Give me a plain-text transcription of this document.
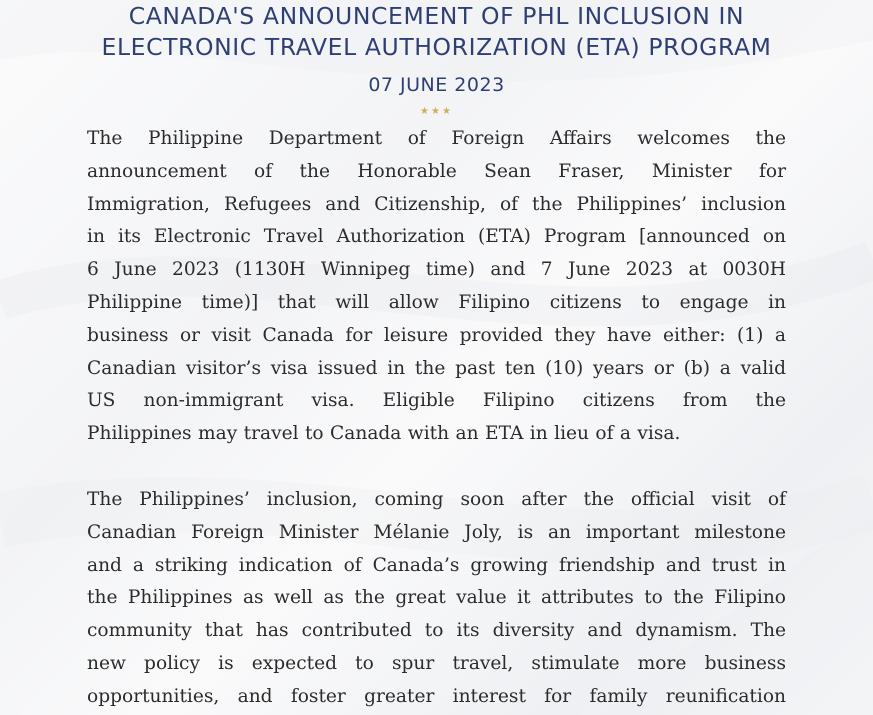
CANADA'S ANNOUNCEMENT OF PHL INCLUSION IN
ELECTRONIC TRAVEL AUTHORIZATION (ETA) PROGRAM
07 JUNE 2023
★★★

The Philippine Department of Foreign Affairs welcomes the
announcement of the Honorable Sean Fraser, Minister for
Immigration, Refugees and Citizenship, of the Philippines’ inclusion
in its Electronic Travel Authorization (ETA) Program [announced on
6 June 2023 (1130H Winnipeg time) and 7 June 2023 at 0030H
Philippine time)] that will allow Filipino citizens to engage in
business or visit Canada for leisure provided they have either: (1) a
Canadian visitor’s visa issued in the past ten (10) years or (b) a valid
US non-immigrant visa. Eligible Filipino citizens from the
Philippines may travel to Canada with an ETA in lieu of a visa.

The Philippines’ inclusion, coming soon after the official visit of
Canadian Foreign Minister Mélanie Joly, is an important milestone
and a striking indication of Canada’s growing friendship and trust in
the Philippines as well as the great value it attributes to the Filipino
community that has contributed to its diversity and dynamism. The
new policy is expected to spur travel, stimulate more business
opportunities, and foster greater interest for family reunification
